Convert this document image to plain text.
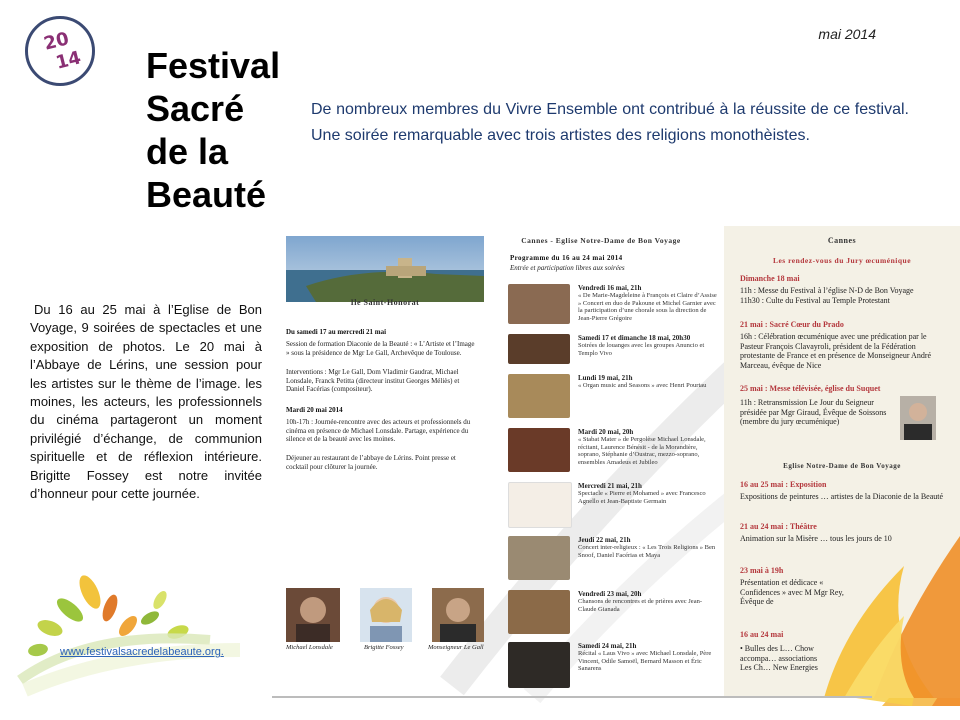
20
14
mai 2014
Festival
Sacré
de la
Beauté
De nombreux membres du Vivre Ensemble ont contribué à la réussite de ce festival. Une soirée remarquable avec trois artistes des religions monothèistes.
Du 16 au 25 mai à l’Eglise de Bon Voyage, 9 soirées de spectacles et une exposition de photos. Le 20 mai à l’Abbaye de Lérins, une session pour les artistes sur le thème de l’image. les moines, les acteurs, les professionnels du cinéma partageront un moment privilégié d’échange, de communion spirituelle et de réflexion intérieure. Brigitte Fossey est notre invitée d’honneur pour cette journée.
www.festivalsacredelabeaute.org.
Ile Saint-Honorat
Du samedi 17 au mercredi 21 mai
Session de formation Diaconie de la Beauté : « L’Artiste et l’Image » sous la présidence de Mgr Le Gall, Archevêque de Toulouse.
Interventions : Mgr Le Gall, Dom Vladimir Gaudrat, Michael Lonsdale, Franck Petitta (directeur institut Georges Méliès) et Daniel Facérias (compositeur).
Mardi 20 mai 2014
10h-17h : Journée-rencontre avec des acteurs et professionnels du cinéma en présence de Michael Lonsdale. Partage, expérience du silence et de la beauté avec les moines.
Déjeuner au restaurant de l’abbaye de Lérins. Point presse et cocktail pour clôturer la journée.
Michael Lonsdale	Brigitte Fossey	Monseigneur Le Gall
Cannes - Eglise Notre-Dame de Bon Voyage
Programme du 16 au 24 mai 2014
Entrée et participation libres aux soirées
Vendredi 16 mai, 21h
« De Marie-Magdeleine à François et Claire d’Assise » Concert en duo de Pakoune et Michel Garnier avec la participation d’une chorale sous la direction de Jean-Pierre Grégoire
Samedi 17 et dimanche 18 mai, 20h30
Soirées de louanges avec les groupes Anuncio et Templo Vivo
Lundi 19 mai, 21h
« Organ music and Seasons » avec Henri Pourtau
Mardi 20 mai, 20h
« Stabat Mater » de Pergolèse Michael Lonsdale, récitant, Laurence Bénésit - de la Morandière, soprano, Stéphanie d’Oustrac, mezzo-soprano, ensembles Amadeus et Jubileo
Mercredi 21 mai, 21h
Spectacle « Pierre et Mohamed » avec Francesco Agnello et Jean-Baptiste Germain
Jeudi 22 mai, 21h
Concert inter-religieux : « Les Trois Religions » Ben Snoof, Daniel Facérias et Maya
Vendredi 23 mai, 20h
Chansons de rencontres et de prières avec Jean-Claude Gianada
Samedi 24 mai, 21h
Récital « Laus Vivo » avec Michael Lonsdale, Père Vincent, Odile Samoël, Bernard Masson et Éric Sanarens
Cannes
Les rendez-vous du Jury œcuménique
Dimanche 18 mai
11h : Messe du Festival à l’église N-D de Bon Voyage
11h30 : Culte du Festival au Temple Protestant
21 mai : Sacré Cœur du Prado
16h : Célébration œcuménique avec une prédication par le Pasteur François Clavayroli, président de la Fédération protestante de France et en présence de Monseigneur André Marceau, évêque de Nice
25 mai : Messe télévisée, église du Suquet
11h : Retransmission Le Jour du Seigneur présidée par Mgr Giraud, Évêque de Soissons (membre du jury œcuménique)
Eglise Notre-Dame de Bon Voyage
16 au 25 mai : Exposition
Expositions de peintures … artistes de la Diaconie de la Beauté
21 au 24 mai : Théâtre
Animation sur la Misère … tous les jours de 10
23 mai à 19h
Présentation et dédicace « Confidences » avec M Mgr Rey, Évêque de
16 au 24 mai
• Bulles des L… Chow accompa… associations Les Ch… New Energies
